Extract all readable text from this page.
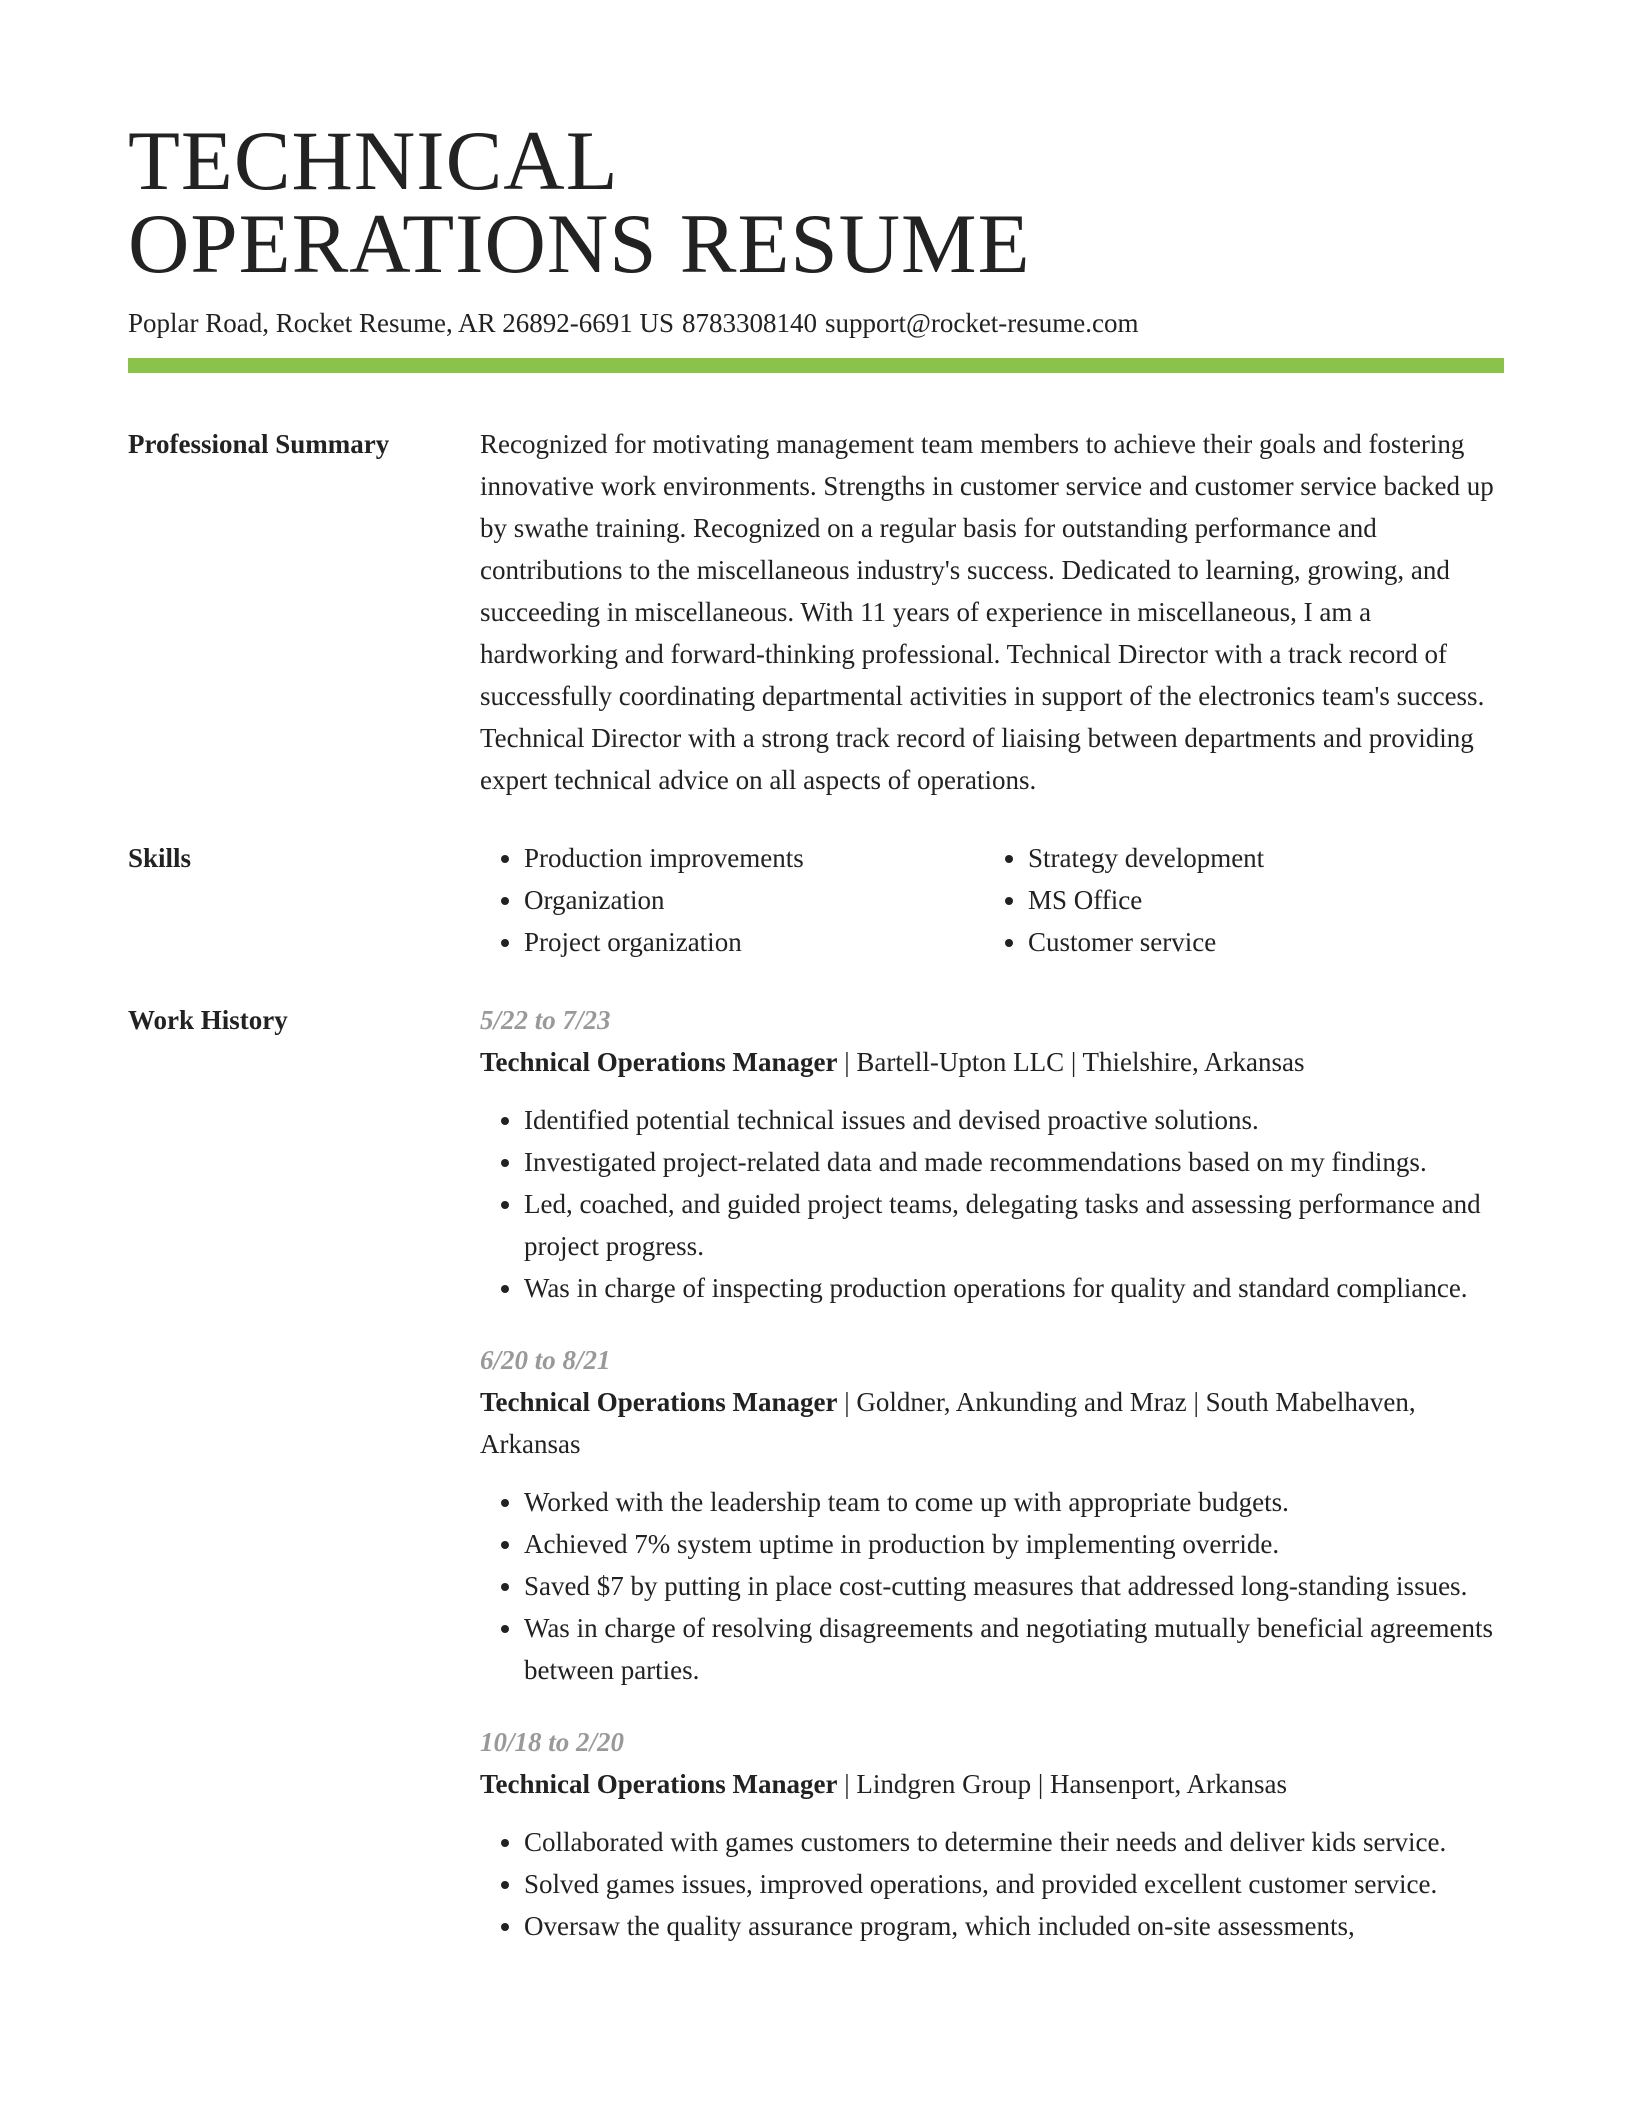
TECHNICAL
OPERATIONS RESUME
Poplar Road, Rocket Resume, AR 26892-6691 US 8783308140 support@rocket-resume.com
Professional Summary	Recognized for motivating management team members to achieve their goals and fostering innovative work environments. Strengths in customer service and customer service backed up by swathe training. Recognized on a regular basis for outstanding performance and contributions to the miscellaneous industry's success. Dedicated to learning, growing, and succeeding in miscellaneous. With 11 years of experience in miscellaneous, I am a hardworking and forward-thinking professional. Technical Director with a track record of successfully coordinating departmental activities in support of the electronics team's success. Technical Director with a strong track record of liaising between departments and providing expert technical advice on all aspects of operations.

Skills
•	Production improvements
• Organization
• Project organization
• Strategy development
• MS Office
• Customer service
Work History	5/22 to 7/23
Technical Operations Manager | Bartell-Upton LLC | Thielshire, Arkansas
• Identified potential technical issues and devised proactive solutions.
• Investigated project-related data and made recommendations based on my findings.
• Led, coached, and guided project teams, delegating tasks and assessing performance and project progress.
• Was in charge of inspecting production operations for quality and standard compliance.
6/20 to 8/21
Technical Operations Manager | Goldner, Ankunding and Mraz | South Mabelhaven, Arkansas
• Worked with the leadership team to come up with appropriate budgets.
• Achieved 7% system uptime in production by implementing override.
• Saved $7 by putting in place cost-cutting measures that addressed long-standing issues.
• Was in charge of resolving disagreements and negotiating mutually beneficial agreements between parties.
10/18 to 2/20
Technical Operations Manager | Lindgren Group | Hansenport, Arkansas
• Collaborated with games customers to determine their needs and deliver kids service.
• Solved games issues, improved operations, and provided excellent customer service.
• Oversaw the quality assurance program, which included on-site assessments,
